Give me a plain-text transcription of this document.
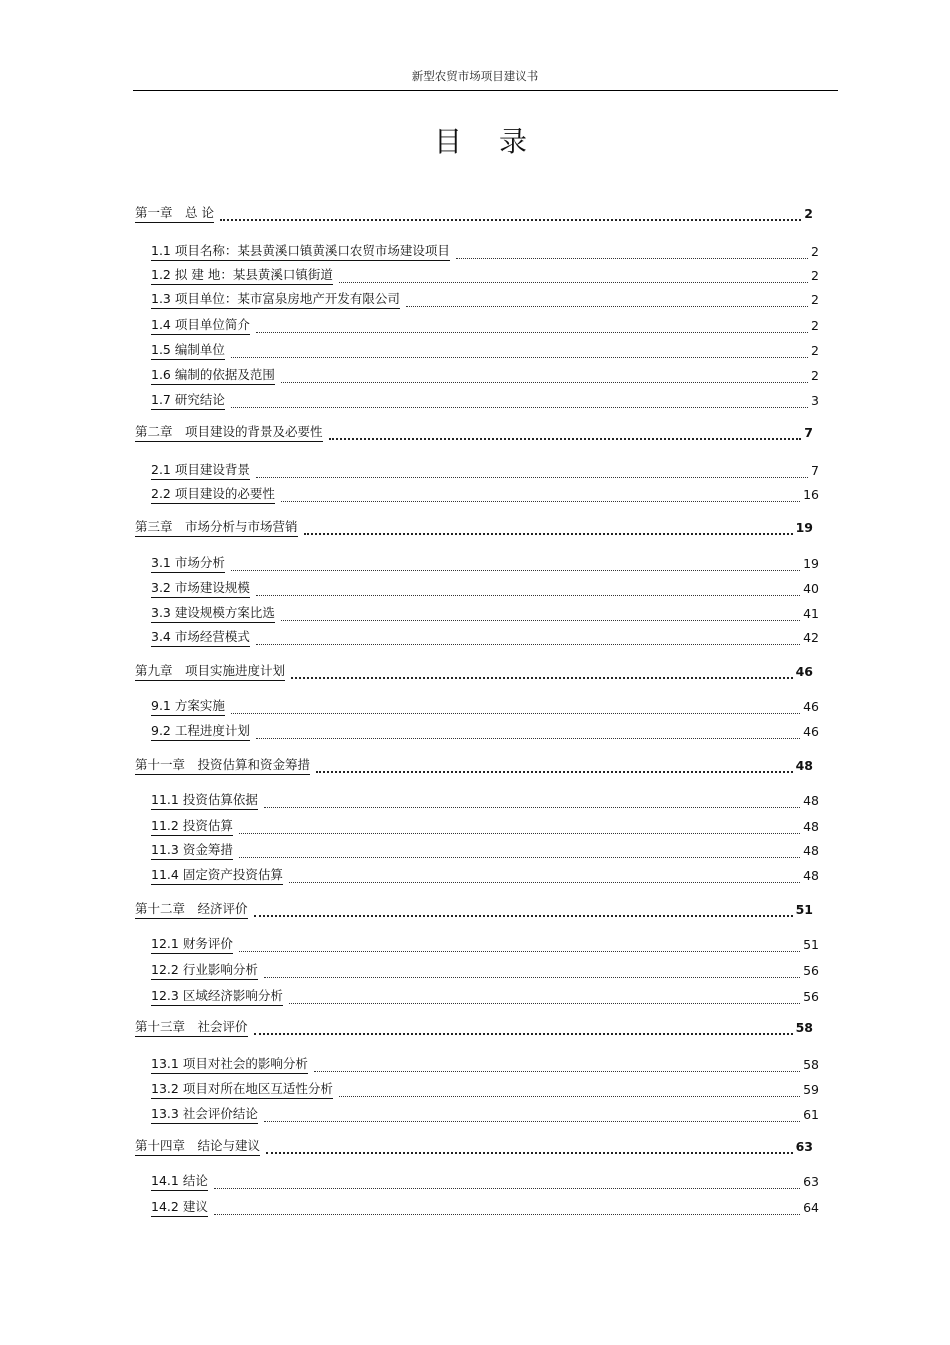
新型农贸市场项目建议书
目 录
第一章　总 论	2
1.1 项目名称：某县黄溪口镇黄溪口农贸市场建设项目	2
1.2 拟 建 地：某县黄溪口镇街道	2
1.3 项目单位：某市富泉房地产开发有限公司	2
1.4 项目单位简介	2
1.5 编制单位	2
1.6 编制的依据及范围	2
1.7 研究结论	3
第二章　项目建设的背景及必要性	7
2.1 项目建设背景	7
2.2 项目建设的必要性	16
第三章　市场分析与市场营销	19
3.1 市场分析	19
3.2 市场建设规模	40
3.3 建设规模方案比选	41
3.4 市场经营模式	42
第九章　项目实施进度计划	46
9.1 方案实施	46
9.2 工程进度计划	46
第十一章　投资估算和资金筹措	48
11.1 投资估算依据	48
11.2 投资估算	48
11.3 资金筹措	48
11.4 固定资产投资估算	48
第十二章　经济评价	51
12.1 财务评价	51
12.2 行业影响分析	56
12.3 区域经济影响分析	56
第十三章　社会评价	58
13.1 项目对社会的影响分析	58
13.2 项目对所在地区互适性分析	59
13.3 社会评价结论	61
第十四章　结论与建议	63
14.1 结论	63
14.2 建议	64
